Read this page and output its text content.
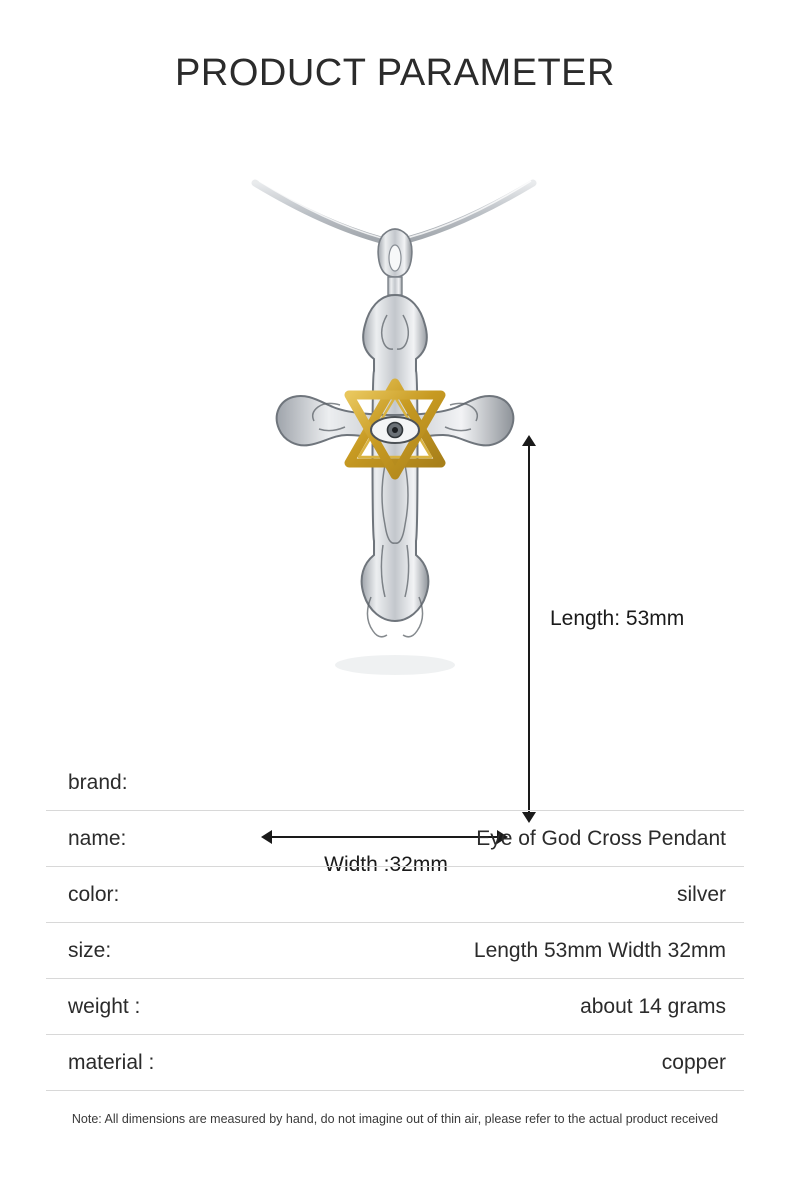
PRODUCT PARAMETER
Length: 53mm
Width :32mm
brand:
name:	Eye of God Cross Pendant
color:	silver
size:	Length 53mm Width 32mm
weight :	about 14 grams
material :	copper
Note: All dimensions are measured by hand, do not imagine out of thin air, please refer to the actual product received
